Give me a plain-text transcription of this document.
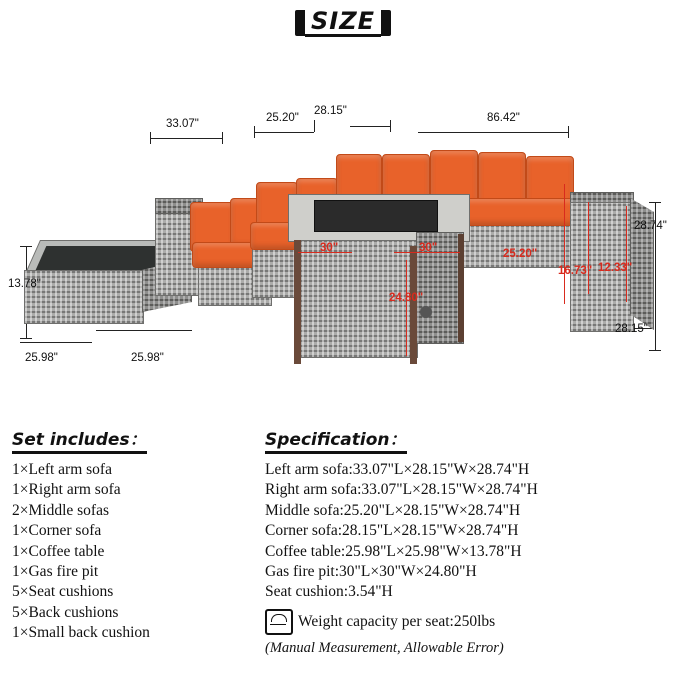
SIZE
33.07"	25.20"
28.15"
86.42"
28.74"
28.15"
13.78"
25.98"	25.98"
30"	30"
24.80"
25.20"
16.73" 12.33"
Set includes：
1×Left arm sofa
1×Right arm sofa
2×Middle sofas
1×Corner sofa
1×Coffee table
1×Gas fire pit
5×Seat cushions
5×Back cushions
1×Small back cushion
Specification：
Left arm sofa:33.07"L×28.15"W×28.74"H
Right arm sofa:33.07"L×28.15"W×28.74"H
Middle sofa:25.20"L×28.15"W×28.74"H
Corner sofa:28.15"L×28.15"W×28.74"H
Coffee table:25.98"L×25.98"W×13.78"H
Gas fire pit:30"L×30"W×24.80"H
Seat cushion:3.54"H
Weight capacity per seat:250lbs
(Manual Measurement, Allowable Error)
